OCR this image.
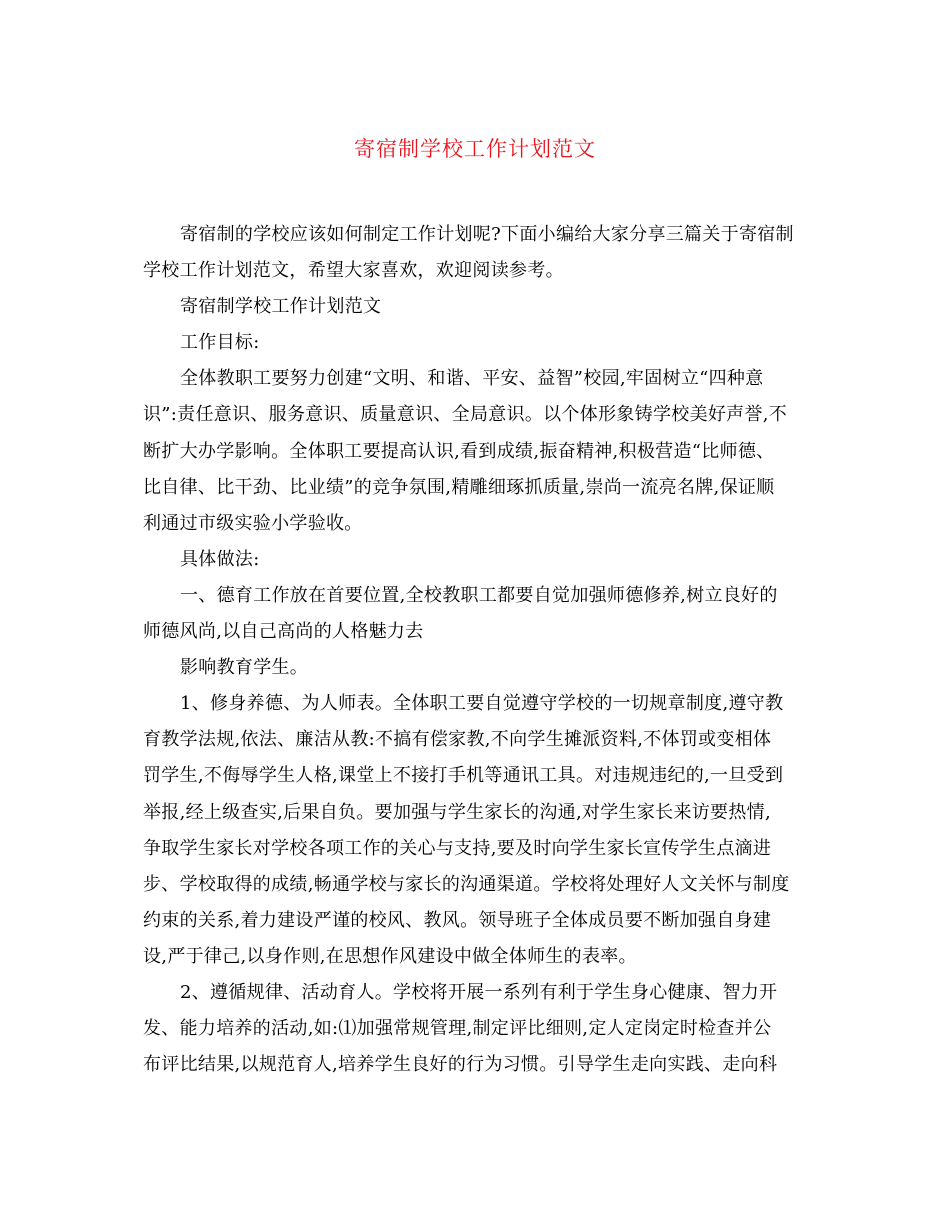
寄宿制学校工作计划范文
寄宿制的学校应该如何制定工作计划呢?下面小编给大家分享三篇关于寄宿制
学校工作计划范文，希望大家喜欢，欢迎阅读参考。
寄宿制学校工作计划范文
工作目标:
全体教职工要努力创建“文明、和谐、平安、益智”校园,牢固树立“四种意
识”:责任意识、服务意识、质量意识、全局意识。以个体形象铸学校美好声誉,不
断扩大办学影响。全体职工要提高认识,看到成绩,振奋精神,积极营造“比师德、
比自律、比干劲、比业绩”的竞争氛围,精雕细琢抓质量,崇尚一流亮名牌,保证顺
利通过市级实验小学验收。
具体做法:
一、德育工作放在首要位置,全校教职工都要自觉加强师德修养,树立良好的
师德风尚,以自己高尚的人格魅力去
影响教育学生。
1、修身养德、为人师表。全体职工要自觉遵守学校的一切规章制度,遵守教
育教学法规,依法、廉洁从教:不搞有偿家教,不向学生摊派资料,不体罚或变相体
罚学生,不侮辱学生人格,课堂上不接打手机等通讯工具。对违规违纪的,一旦受到
举报,经上级查实,后果自负。要加强与学生家长的沟通,对学生家长来访要热情,
争取学生家长对学校各项工作的关心与支持,要及时向学生家长宣传学生点滴进
步、学校取得的成绩,畅通学校与家长的沟通渠道。学校将处理好人文关怀与制度
约束的关系,着力建设严谨的校风、教风。领导班子全体成员要不断加强自身建
设,严于律己,以身作则,在思想作风建设中做全体师生的表率。
2、遵循规律、活动育人。学校将开展一系列有利于学生身心健康、智力开
发、能力培养的活动,如:⑴加强常规管理,制定评比细则,定人定岗定时检查并公
布评比结果,以规范育人,培养学生良好的行为习惯。引导学生走向实践、走向科
